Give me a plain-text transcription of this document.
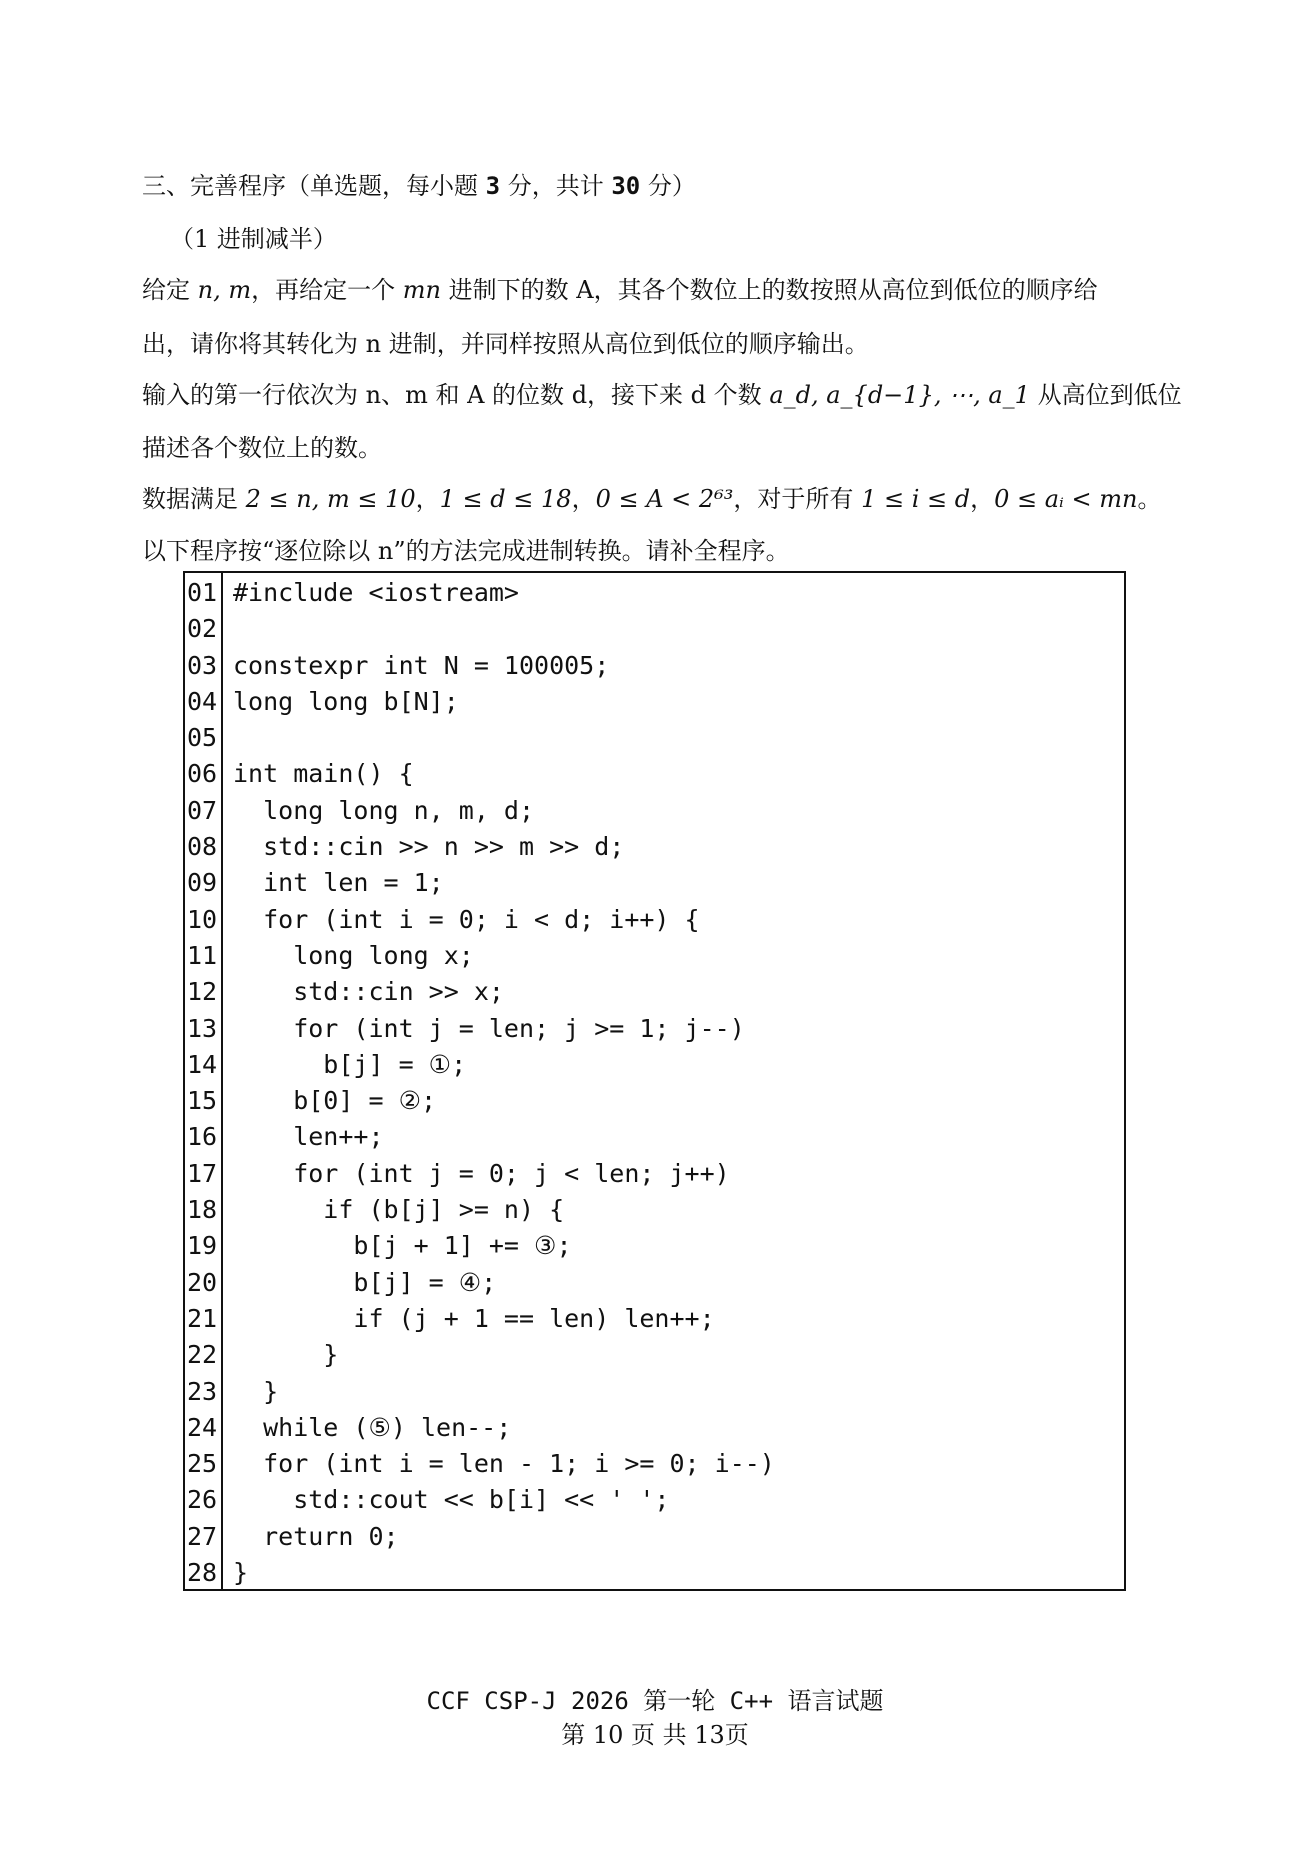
三、完善程序（单选题，每小题 3 分，共计 30 分）
（1 进制减半）
给定 n, m，再给定一个 mn 进制下的数 A，其各个数位上的数按照从高位到低位的顺序给
出，请你将其转化为 n 进制，并同样按照从高位到低位的顺序输出。
输入的第一行依次为 n、m 和 A 的位数 d，接下来 d 个数 a_d, a_{d−1}, ⋯, a_1 从高位到低位
描述各个数位上的数。
数据满足 2 ≤ n, m ≤ 10，1 ≤ d ≤ 18，0 ≤ A < 2⁶³，对于所有 1 ≤ i ≤ d，0 ≤ aᵢ < mn。
以下程序按“逐位除以 n”的方法完成进制转换。请补全程序。
01 #include <iostream>
02
03 constexpr int N = 100005;
04 long long b[N];
05
06 int main() {
07 long long n, m, d;
08 std::cin >> n >> m >> d;
09 int len = 1;
10 for (int i = 0; i < d; i++) {
11 long long x;
12 std::cin >> x;
13 for (int j = len; j >= 1; j--)
14 b[j] = ①;
15 b[0] = ②;
16 len++;
17 for (int j = 0; j < len; j++)
18 if (b[j] >= n) {
19 b[j + 1] += ③;
20 b[j] = ④;
21 if (j + 1 == len) len++;
22 }
23 }
24 while (⑤) len--;
25 for (int i = len - 1; i >= 0; i--)
26 std::cout << b[i] << ' ';
27 return 0;
28 }
CCF CSP-J 2026 第一轮 C++ 语言试题
第 10 页 共 13页
